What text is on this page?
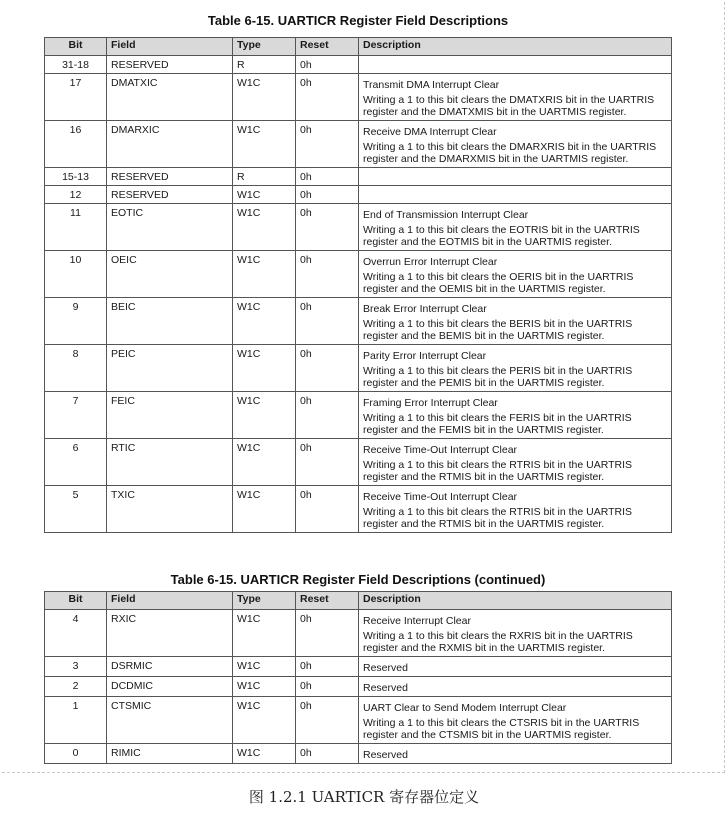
Table 6-15. UARTICR Register Field Descriptions
Bit	Field	Type	Reset	Description
31-18	RESERVED	R	0h	
17	DMATXIC	W1C	0h	Transmit DMA Interrupt Clear
Writing a 1 to this bit clears the DMATXRIS bit in the UARTRIS register and the DMATXMIS bit in the UARTMIS register.

16	DMARXIC	W1C	0h	Receive DMA Interrupt Clear
Writing a 1 to this bit clears the DMARXRIS bit in the UARTRIS register and the DMARXMIS bit in the UARTMIS register.

15-13	RESERVED	R	0h	
12	RESERVED	W1C	0h	
11	EOTIC	W1C	0h	End of Transmission Interrupt Clear
Writing a 1 to this bit clears the EOTRIS bit in the UARTRIS register and the EOTMIS bit in the UARTMIS register.

10	OEIC	W1C	0h	Overrun Error Interrupt Clear
Writing a 1 to this bit clears the OERIS bit in the UARTRIS register and the OEMIS bit in the UARTMIS register.

9	BEIC	W1C	0h	Break Error Interrupt Clear
Writing a 1 to this bit clears the BERIS bit in the UARTRIS register and the BEMIS bit in the UARTMIS register.

8	PEIC	W1C	0h	Parity Error Interrupt Clear
Writing a 1 to this bit clears the PERIS bit in the UARTRIS register and the PEMIS bit in the UARTMIS register.

7	FEIC	W1C	0h	Framing Error Interrupt Clear
Writing a 1 to this bit clears the FERIS bit in the UARTRIS register and the FEMIS bit in the UARTMIS register.

6	RTIC	W1C	0h	Receive Time-Out Interrupt Clear
Writing a 1 to this bit clears the RTRIS bit in the UARTRIS register and the RTMIS bit in the UARTMIS register.

5	TXIC	W1C	0h	Receive Time-Out Interrupt Clear
Writing a 1 to this bit clears the RTRIS bit in the UARTRIS register and the RTMIS bit in the UARTMIS register.
Table 6-15. UARTICR Register Field Descriptions (continued)
Bit	Field	Type	Reset	Description
4	RXIC	W1C	0h	Receive Interrupt Clear
Writing a 1 to this bit clears the RXRIS bit in the UARTRIS register and the RXMIS bit in the UARTMIS register.

3	DSRMIC	W1C	0h	Reserved

2	DCDMIC	W1C	0h	Reserved

1	CTSMIC	W1C	0h	UART Clear to Send Modem Interrupt Clear
Writing a 1 to this bit clears the CTSRIS bit in the UARTRIS register and the CTSMIS bit in the UARTMIS register.

0	RIMIC	W1C	0h	Reserved
图 1.2.1 UARTICR 寄存器位定义
